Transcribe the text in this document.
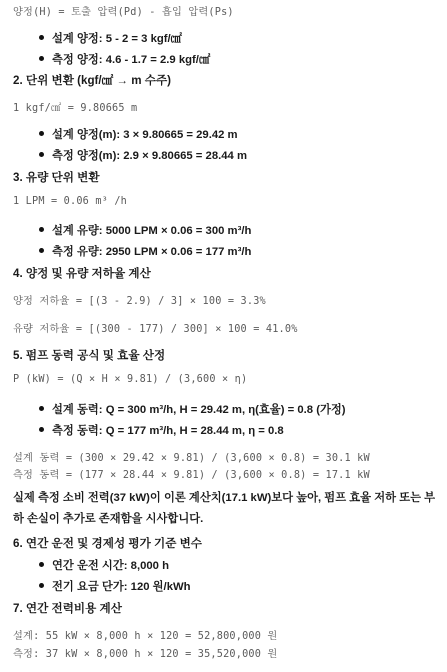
양정(H) = 토출 압력(Pd) - 흡입 압력(Ps)
설계 양정: 5 - 2 = 3 kgf/㎠
측정 양정: 4.6 - 1.7 = 2.9 kgf/㎠
2. 단위 변환 (kgf/㎠ → m 수주)
1 kgf/㎠ = 9.80665 m
설계 양정(m): 3 × 9.80665 = 29.42 m
측정 양정(m): 2.9 × 9.80665 = 28.44 m
3. 유량 단위 변환
1 LPM = 0.06 m³ /h
설계 유량: 5000 LPM × 0.06 = 300 m³/h
측정 유량: 2950 LPM × 0.06 = 177 m³/h
4. 양정 및 유량 저하율 계산
양정 저하율 = [(3 - 2.9) / 3] × 100 = 3.3%
유량 저하율 = [(300 - 177) / 300] × 100 = 41.0%
5. 펌프 동력 공식 및 효율 산정
P (kW) = (Q × H × 9.81) / (3,600 × η)
설계 동력: Q = 300 m³/h, H = 29.42 m, η(효율) = 0.8 (가정)
측정 동력: Q = 177 m³/h, H = 28.44 m, η = 0.8
설계 동력 = (300 × 29.42 × 9.81) / (3,600 × 0.8) = 30.1 kW
측정 동력 = (177 × 28.44 × 9.81) / (3,600 × 0.8) = 17.1 kW
실제 측정 소비 전력(37 kW)이 이론 계산치(17.1 kW)보다 높아, 펌프 효율 저하 또는 부하 손실이 추가로 존재함을 시사합니다.
6. 연간 운전 및 경제성 평가 기준 변수
연간 운전 시간: 8,000 h
전기 요금 단가: 120 원/kWh
7. 연간 전력비용 계산
설계: 55 kW × 8,000 h × 120 = 52,800,000 원
측정: 37 kW × 8,000 h × 120 = 35,520,000 원
